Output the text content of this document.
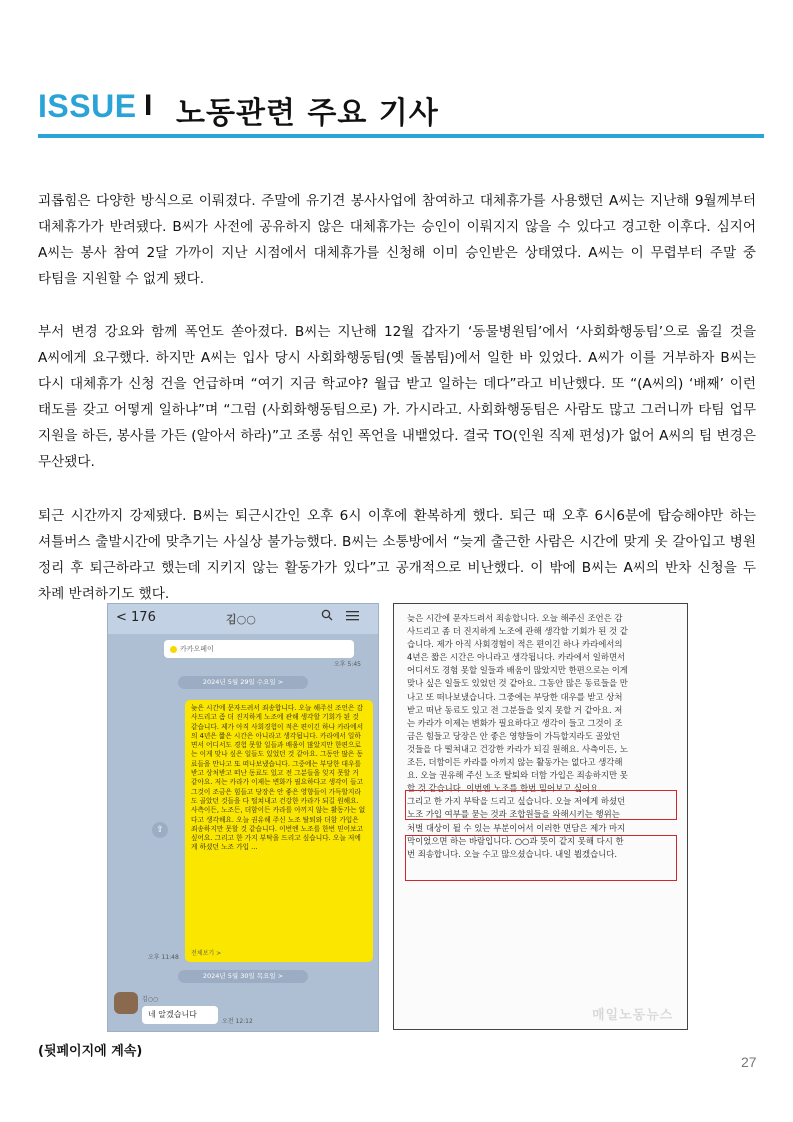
ISSUE I 노동관련 주요 기사

괴롭힘은 다양한 방식으로 이뤄졌다. 주말에 유기견 봉사사업에 참여하고 대체휴가를 사용했던 A씨는 지난해 9월께부터 대체휴가가 반려됐다. B씨가 사전에 공유하지 않은 대체휴가는 승인이 이뤄지지 않을 수 있다고 경고한 이후다. 심지어 A씨는 봉사 참여 2달 가까이 지난 시점에서 대체휴가를 신청해 이미 승인받은 상태였다. A씨는 이 무렵부터 주말 중 타팀을 지원할 수 없게 됐다.

부서 변경 강요와 함께 폭언도 쏟아졌다. B씨는 지난해 12월 갑자기 ‘동물병원팀’에서 ‘사회화행동팀’으로 옮길 것을 A씨에게 요구했다. 하지만 A씨는 입사 당시 사회화행동팀(옛 돌봄팀)에서 일한 바 있었다. A씨가 이를 거부하자 B씨는 다시 대체휴가 신청 건을 언급하며 “여기 지금 학교야? 월급 받고 일하는 데다”라고 비난했다. 또 “(A씨의) ‘배째’ 이런 태도를 갖고 어떻게 일하냐”며 “그럼 (사회화행동팀으로) 가. 가시라고. 사회화행동팀은 사람도 많고 그러니까 타팀 업무 지원을 하든, 봉사를 가든 (알아서 하라)”고 조롱 섞인 폭언을 내뱉었다. 결국 TO(인원 직제 편성)가 없어 A씨의 팀 변경은 무산됐다.

퇴근 시간까지 강제됐다. B씨는 퇴근시간인 오후 6시 이후에 환복하게 했다. 퇴근 때 오후 6시6분에 탑승해야만 하는 셔틀버스 출발시간에 맞추기는 사실상 불가능했다. B씨는 소통방에서 “늦게 출근한 사람은 시간에 맞게 옷 갈아입고 병원 정리 후 퇴근하라고 했는데 지키지 않는 활동가가 있다”고 공개적으로 비난했다. 이 밖에 B씨는 A씨의 반차 신청을 두 차례 반려하기도 했다.

< 176	김○○
카카오페이
오후 5:45
2024년 5월 29일 수요일 >
⇧
늦은 시간에 문자드려서 죄송합니다. 오늘 해주신 조언은 감사드리고 좀 더 진지하게 노조에 관해 생각할 기회가 된 것 같습니다. 제가 아직 사회경험이 적은 편이긴 하나 카라에서의 4년은 짧은 시간은 아니라고 생각됩니다. 카라에서 일하면서 어디서도 경험 못할 일들과 배움이 많았지만 한편으로는 이게 맞나 싶은 일들도 있었던 것 같아요. 그동안 많은 동료들을 만나고 또 떠나보냈습니다. 그중에는 부당한 대우를 받고 상처받고 떠난 동료도 있고 전 그분들을 잊지 못할 거 같아요. 저는 카라가 이제는 변화가 필요하다고 생각이 들고 그것이 조금은 힘들고 당장은 안 좋은 영향들이 가득할지라도 골았던 것들을 다 떨쳐내고 건강한 카라가 되길 원해요. 사측이든, 노조든, 더함이든 카라를 아끼지 않는 활동가는 없다고 생각해요. 오늘 권유해 주신 노조 탈퇴와 더함 가입은 죄송하지만 못할 것 같습니다. 이번엔 노조를 한번 믿어보고 싶어요. 그리고 한 가지 부탁을 드리고 싶습니다. 오늘 저에게 하셨던 노조 가입 ...
전체보기 >
오후 11:48
2024년 5월 30일 목요일 >
김○○
네 알겠습니다
오전 12:12
늦은 시간에 문자드려서 죄송합니다. 오늘 해주신 조언은 감
사드리고 좀 더 진지하게 노조에 관해 생각할 기회가 된 것 같
습니다. 제가 아직 사회경험이 적은 편이긴 하나 카라에서의
4년은 짧은 시간은 아니라고 생각됩니다. 카라에서 일하면서
어디서도 경험 못할 일들과 배움이 많았지만 한편으로는 이게
맞나 싶은 일들도 있었던 것 같아요. 그동안 많은 동료들을 만
나고 또 떠나보냈습니다. 그중에는 부당한 대우를 받고 상처
받고 떠난 동료도 있고 전 그분들을 잊지 못할 거 같아요. 저
는 카라가 이제는 변화가 필요하다고 생각이 들고 그것이 조
금은 힘들고 당장은 안 좋은 영향들이 가득할지라도 골았던
것들을 다 떨쳐내고 건강한 카라가 되길 원해요. 사측이든, 노
조든, 더함이든 카라를 아끼지 않는 활동가는 없다고 생각해
요. 오늘 권유해 주신 노조 탈퇴와 더함 가입은 죄송하지만 못
할 것 같습니다. 이번엔 노조를 한번 믿어보고 싶어요.
그리고 한 가지 부탁을 드리고 싶습니다. 오늘 저에게 하셨던
노조 가입 여부를 묻는 것과 조합원들을 와해시키는 행위는
처벌 대상이 될 수 있는 부분이어서 이러한 면담은 제가 마지
막이었으면 하는 바람입니다. ○○과 뜻이 같지 못해 다시 한
번 죄송합니다. 오늘 수고 많으셨습니다. 내일 뵙겠습니다.
매일노동뉴스
(뒷페이지에 계속)
27
